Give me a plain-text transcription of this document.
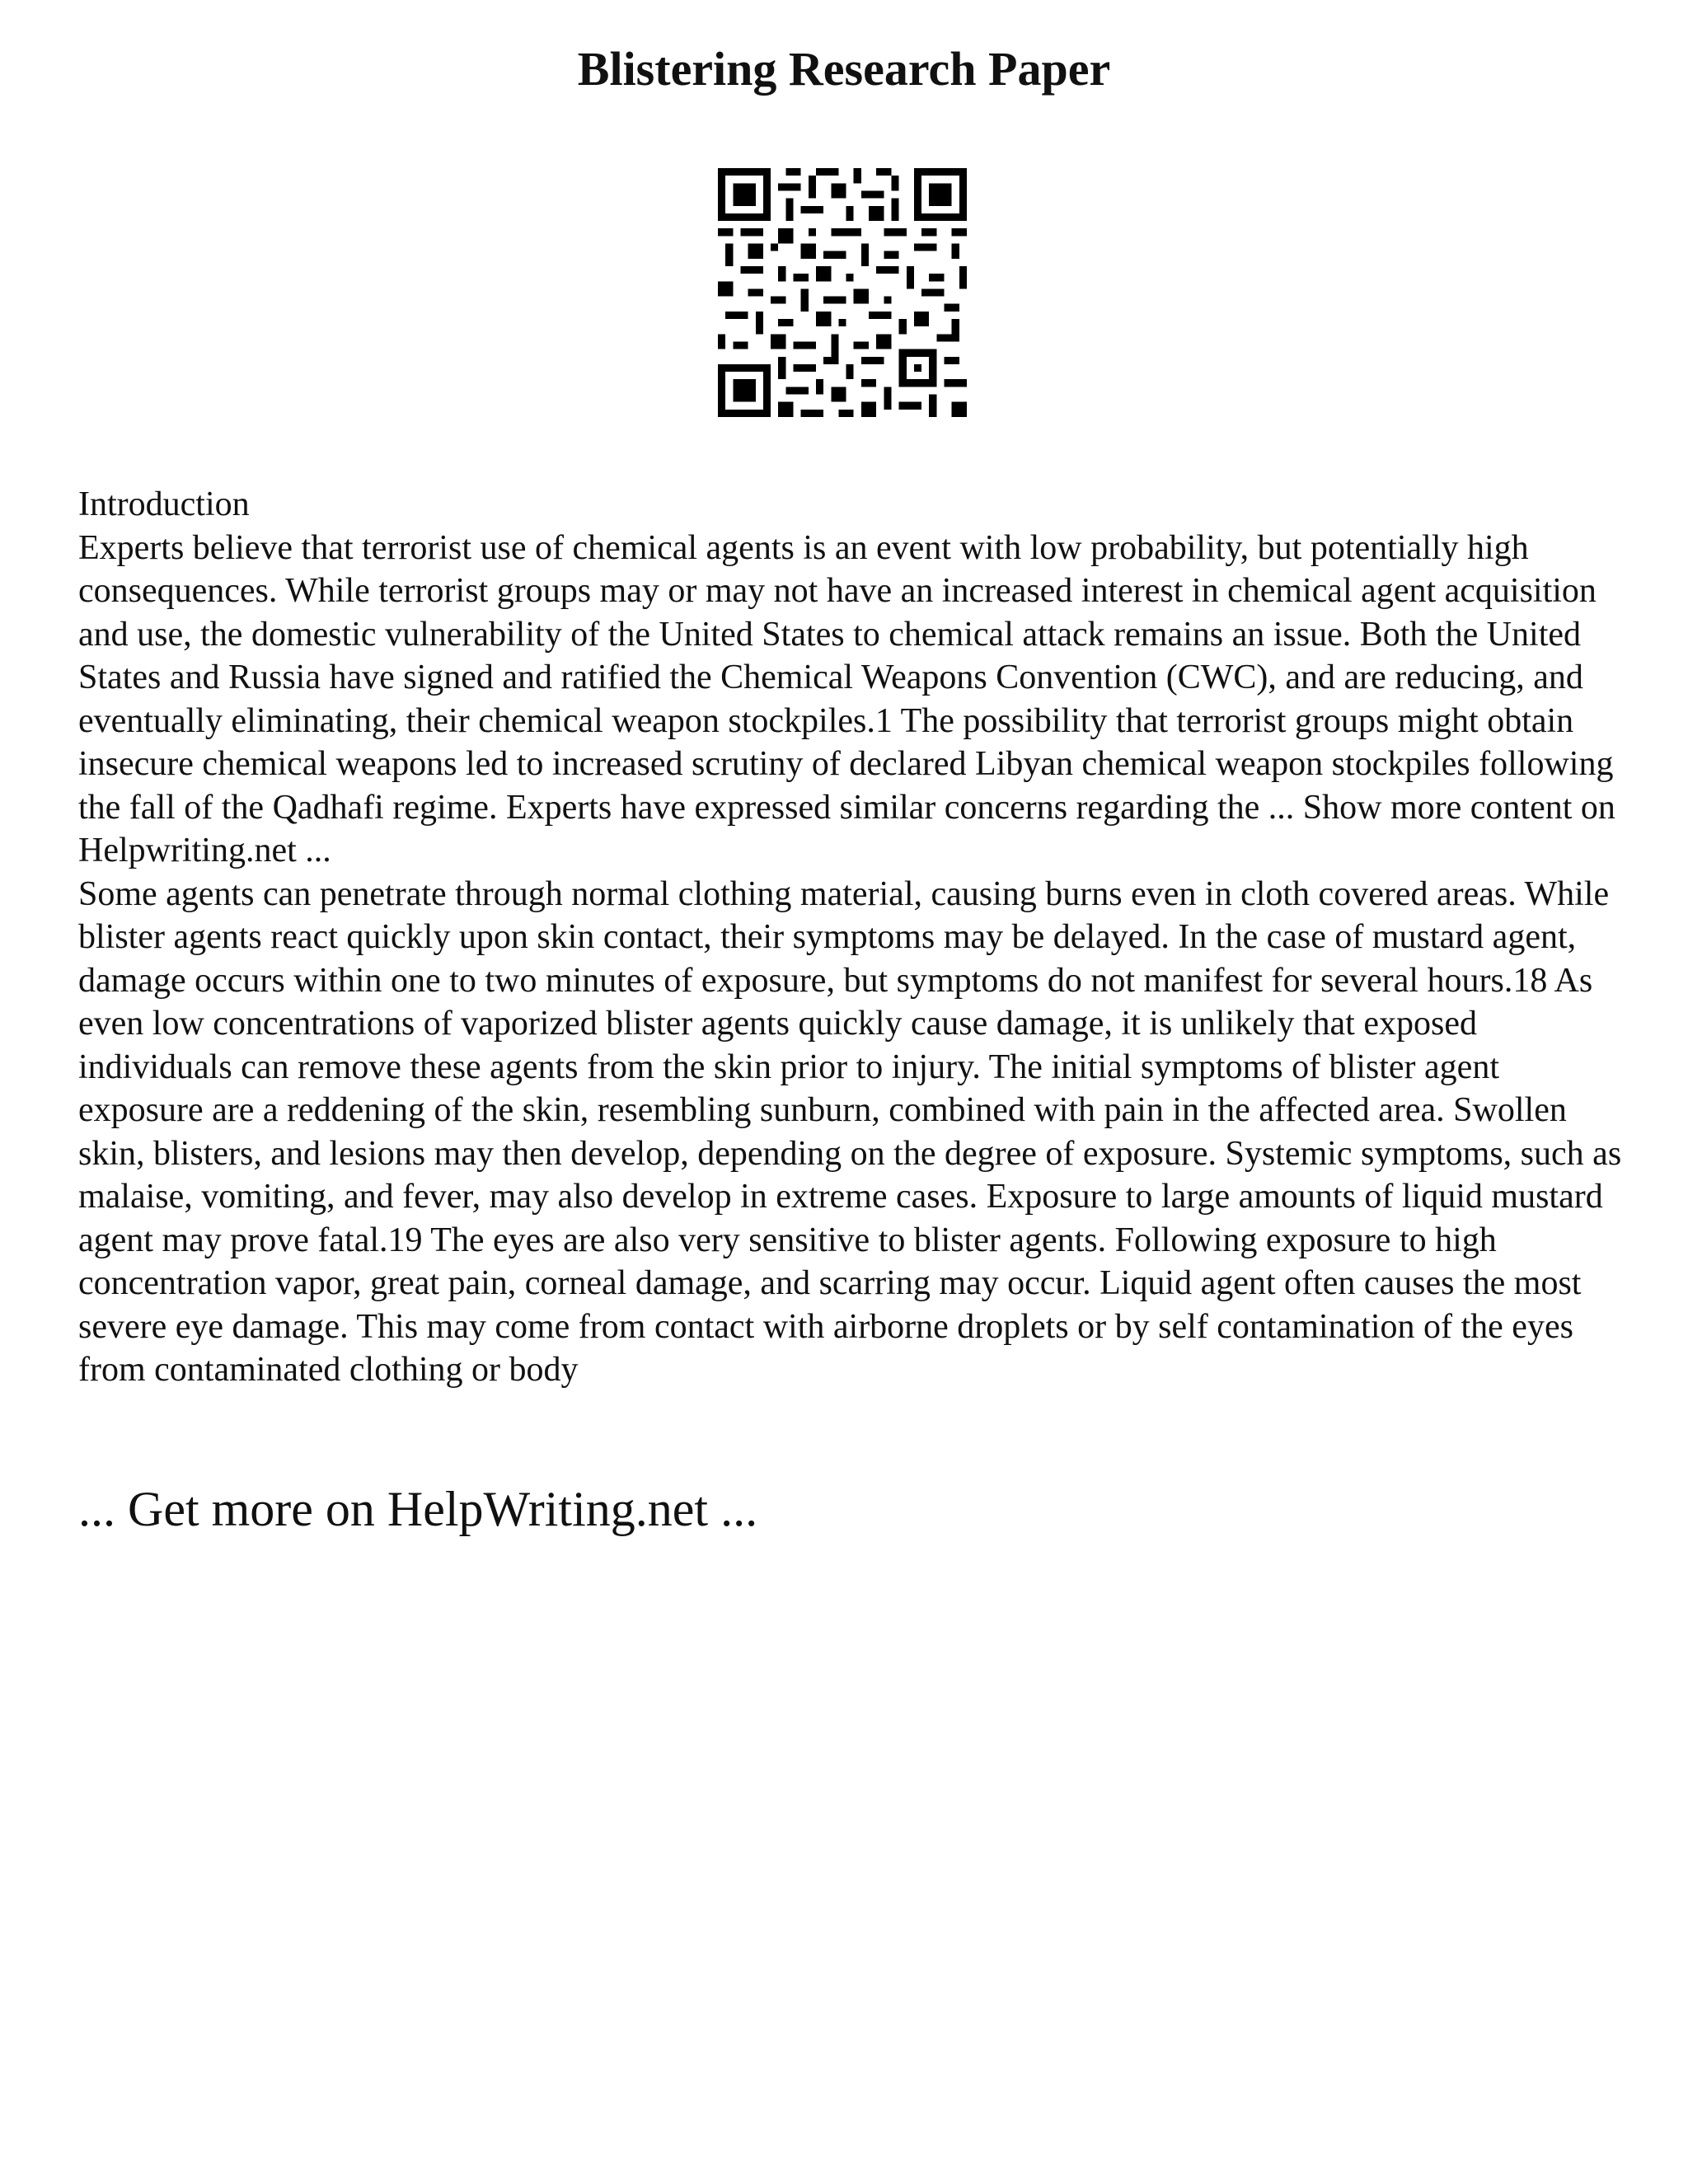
Blistering Research Paper

Introduction

Experts believe that terrorist use of chemical agents is an event with low probability, but potentially high consequences. While terrorist groups may or may not have an increased interest in chemical agent acquisition and use, the domestic vulnerability of the United States to chemical attack remains an issue. Both the United States and Russia have signed and ratified the Chemical Weapons Convention (CWC), and are reducing, and eventually eliminating, their chemical weapon stockpiles.1 The possibility that terrorist groups might obtain insecure chemical weapons led to increased scrutiny of declared Libyan chemical weapon stockpiles following the fall of the Qadhafi regime. Experts have expressed similar concerns regarding the ... Show more content on Helpwriting.net ...

Some agents can penetrate through normal clothing material, causing burns even in cloth covered areas. While blister agents react quickly upon skin contact, their symptoms may be delayed. In the case of mustard agent, damage occurs within one to two minutes of exposure, but symptoms do not manifest for several hours.18 As even low concentrations of vaporized blister agents quickly cause damage, it is unlikely that exposed individuals can remove these agents from the skin prior to injury. The initial symptoms of blister agent exposure are a reddening of the skin, resembling sunburn, combined with pain in the affected area. Swollen skin, blisters, and lesions may then develop, depending on the degree of exposure. Systemic symptoms, such as malaise, vomiting, and fever, may also develop in extreme cases. Exposure to large amounts of liquid mustard agent may prove fatal.19 The eyes are also very sensitive to blister agents. Following exposure to high concentration vapor, great pain, corneal damage, and scarring may occur. Liquid agent often causes the most severe eye damage. This may come from contact with airborne droplets or by self contamination of the eyes from contaminated clothing or body

... Get more on HelpWriting.net ...
